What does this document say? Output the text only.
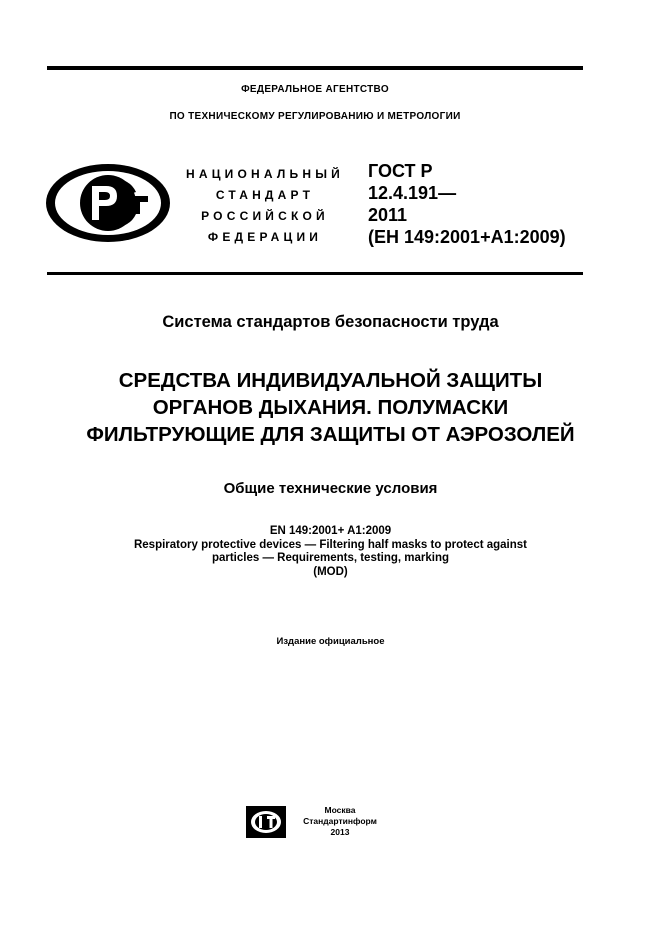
ФЕДЕРАЛЬНОЕ АГЕНТСТВО
ПО ТЕХНИЧЕСКОМУ РЕГУЛИРОВАНИЮ И МЕТРОЛОГИИ
НАЦИОНАЛЬНЫЙ
СТАНДАРТ
РОССИЙСКОЙ
ФЕДЕРАЦИИ
ГОСТ Р
12.4.191—
2011
(ЕН 149:2001+А1:2009)
Система стандартов безопасности труда
СРЕДСТВА ИНДИВИДУАЛЬНОЙ ЗАЩИТЫ
ОРГАНОВ ДЫХАНИЯ. ПОЛУМАСКИ
ФИЛЬТРУЮЩИЕ ДЛЯ ЗАЩИТЫ ОТ АЭРОЗОЛЕЙ
Общие технические условия
EN 149:2001+ A1:2009
Respiratory protective devices — Filtering half masks to protect against
particles — Requirements, testing, marking
(MOD)
Издание официальное
Москва
Стандартинформ
2013
